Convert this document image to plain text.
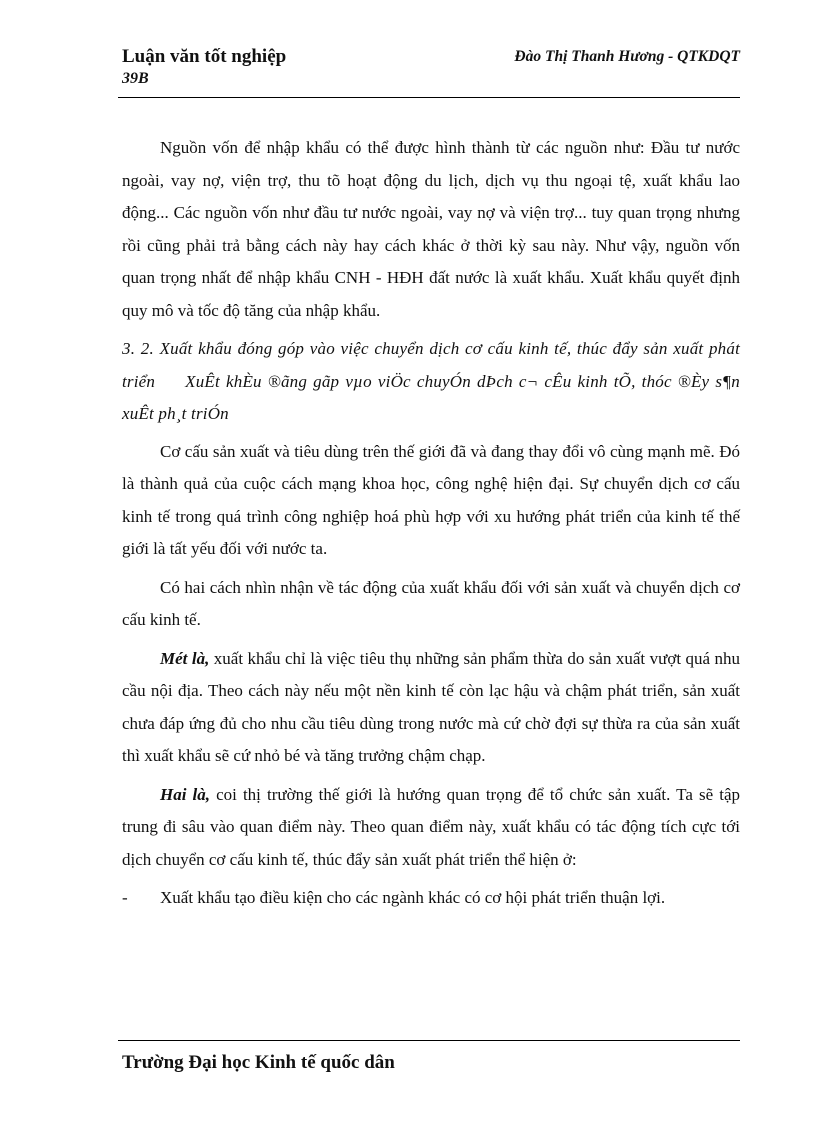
Luận văn tốt nghiệp
39B
Đào Thị Thanh Hương - QTKDQT

Nguồn vốn để nhập khẩu có thể được hình thành từ các nguồn như: Đầu tư nước ngoài, vay nợ, viện trợ, thu tõ hoạt động du lịch, dịch vụ thu ngoại tệ, xuất khẩu lao động... Các nguồn vốn như đầu tư nước ngoài, vay nợ và viện trợ... tuy quan trọng nhưng rồi cũng phải trả bằng cách này hay cách khác ở thời kỳ sau này. Như vậy, nguồn vốn quan trọng nhất để nhập khẩu CNH - HĐH đất nước là xuất khẩu. Xuất khẩu quyết định quy mô và tốc độ tăng của nhập khẩu.

3. 2. Xuất khẩu đóng góp vào việc chuyển dịch cơ cấu kinh tế, thúc đẩy sản xuất phát triển XuÊt khÈu ®ãng gãp vµo viÖc chuyÓn dÞch c¬ cÊu kinh tÕ, thóc ®Èy s¶n xuÊt ph¸t triÓn

Cơ cấu sản xuất và tiêu dùng trên thế giới đã và đang thay đổi vô cùng mạnh mẽ. Đó là thành quả của cuộc cách mạng khoa học, công nghệ hiện đại. Sự chuyển dịch cơ cấu kinh tế trong quá trình công nghiệp hoá phù hợp với xu hướng phát triển của kinh tế thế giới là tất yếu đối với nước ta.

Có hai cách nhìn nhận về tác động của xuất khẩu đối với sản xuất và chuyển dịch cơ cấu kinh tế.

Mét là, xuất khẩu chỉ là việc tiêu thụ những sản phẩm thừa do sản xuất vượt quá nhu cầu nội địa. Theo cách này nếu một nền kinh tế còn lạc hậu và chậm phát triển, sản xuất chưa đáp ứng đủ cho nhu cầu tiêu dùng trong nước mà cứ chờ đợi sự thừa ra của sản xuất thì xuất khẩu sẽ cứ nhỏ bé và tăng trưởng chậm chạp.

Hai là, coi thị trường thế giới là hướng quan trọng để tổ chức sản xuất. Ta sẽ tập trung đi sâu vào quan điểm này. Theo quan điểm này, xuất khẩu có tác động tích cực tới dịch chuyển cơ cấu kinh tế, thúc đẩy sản xuất phát triển thể hiện ở:

-	Xuất khẩu tạo điều kiện cho các ngành khác có cơ hội phát triển thuận lợi.

Trường Đại học Kinh tế quốc dân
